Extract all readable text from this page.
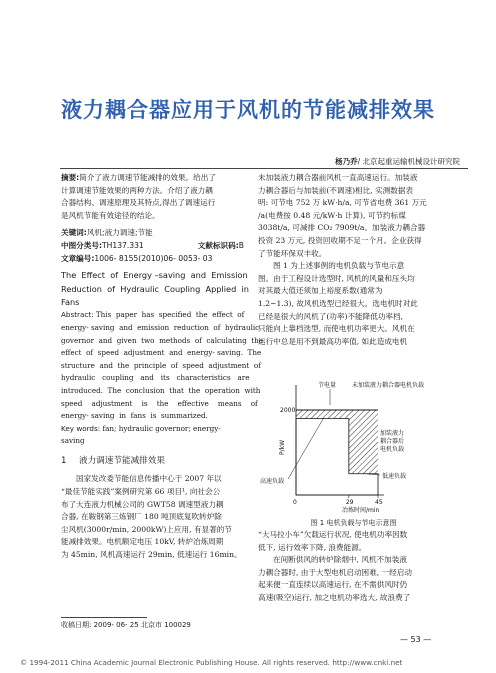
液力耦合器应用于风机的节能减排效果
杨乃乔/ 北京起重运输机械设计研究院

摘要:简介了液力调速节能减排的效果。给出了

计算调速节能效果的两种方法。介绍了液力耦

合器结构、调速原理及其特点,得出了调速运行

是风机节能有效途径的结论。

关键词:风机;液力调速;节能
中图分类号:TH137.331	文献标识码:B
文章编号:1006- 8155(2010)06- 0053- 03

The  Effect  of  Energy –saving  and  Emission

Reduction  of  Hydraulic  Coupling  Applied  in

Fans

Abstract: This  paper  has  specified  the  effect  of

energy- saving  and  emission  reduction  of  hydraulic

governor  and  given  two  methods  of  calculating  the

effect  of  speed  adjustment  and  energy- saving.  The

structure  and  the  principle  of  speed  adjustment  of

hydraulic   coupling   and   its   characteristics   are

introduced.  The  conclusion  that  the  operation  with

speed    adjustment    is    the    effective    means    of

energy- saving  in  fans  is  summarized.

Key words: fan; hydraulic governor; energy- saving
1 液力调速节能减排效果

国家发改委节能信息传播中心于 2007 年以

“最佳节能实践”案例研究第 66 项目¹, 向社会公

布了大连液力机械公司的 GWT58 调速型液力耦

合器, 在鞍钢第三炼钢厂 180 吨顶底复吹转炉除

尘风机(3000r/min, 2000kW)上应用, 有显著的节

能减排效果。电机额定电压 10kV, 转炉冶炼周期

为 45min, 风机高速运行 29min, 低速运行 16min。

收稿日期: 2009- 06- 25 北京市 100029

未加装液力耦合器前风机一直高速运行。加装液

力耦合器后与加装前(不调速)相比, 实测数据表

明: 可节电 752 万 kW·h/a, 可节省电费 361 万元

/a(电费按 0.48 元/kW·h 计算), 可节约标煤

3038t/a, 可减排 CO₂ 7909t/a。加装液力耦合器

投资 23 万元, 投资回收期不足一个月。企业获得

了节能环保双丰收。

图 1 为上述事例的电机负载与节电示意

图。由于工程设计选型时, 风机的风量和压头均

对其最大值还须加上裕度系数(通常为

1.2~1.3), 故风机选型已经很大。选电机时对此

已经是很大的风机了(功率)不能降低功率档,

只能向上靠档选型, 而使电机功率更大。风机在

运行中总是用不到最高功率值, 如此造成电机

2000
0	29	45
节电量	未加装液力耦合器电机负载
加装液力
耦合器后
电机负载
高速负载
低速负载
P/kW
冶炼时间/min
图 1 电机负载与节电示意图

“大马拉小车”欠载运行状况, 使电机功率因数

低下, 运行效率下降, 浪费能源。

在间断供风的转炉除烟中, 风机不加装液

力耦合器时, 由于大型电机启动困难, 一经启动

起来便一直连续以高速运行, 在不需供风时仍

高速(吸空)运行, 加之电机功率选大, 故浪费了

— 53 —
© 1994-2011 China Academic Journal Electronic Publishing House. All rights reserved. http://www.cnki.net
